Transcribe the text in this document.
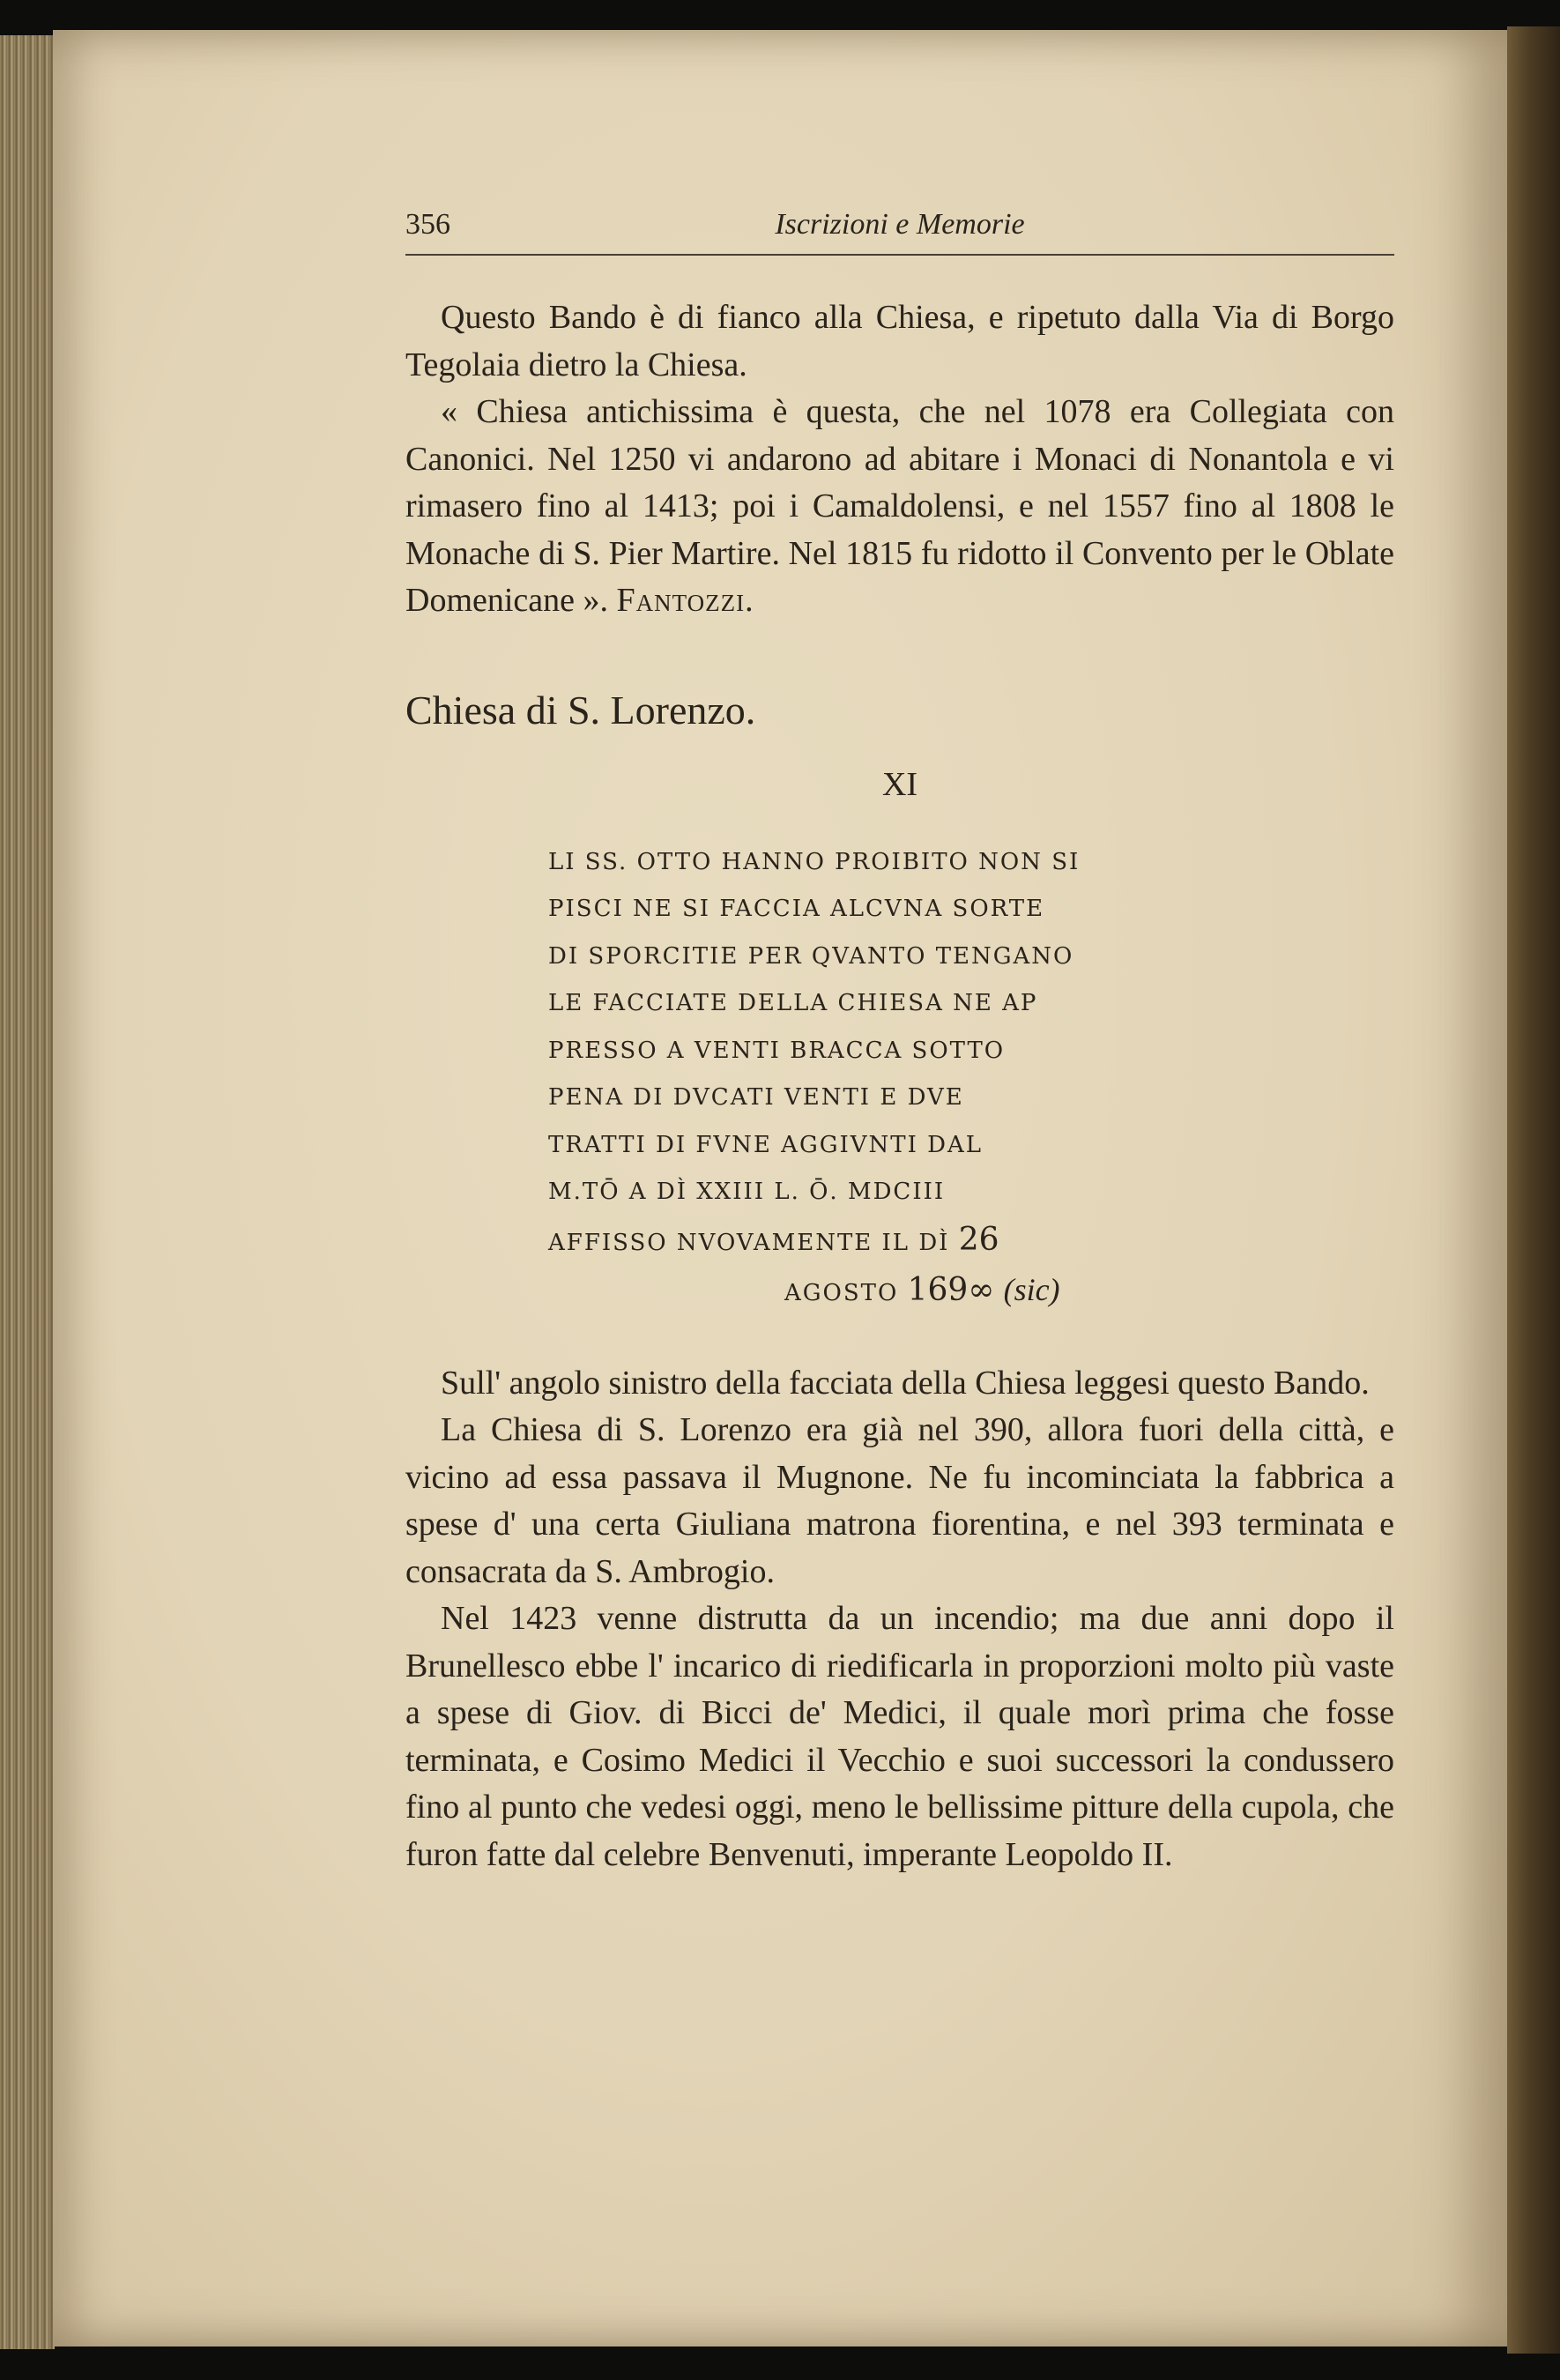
356	Iscrizioni e Memorie

Questo Bando è di fianco alla Chiesa, e ripetuto dalla Via di Borgo Tegolaia dietro la Chiesa.

« Chiesa antichissima è questa, che nel 1078 era Collegiata con Canonici. Nel 1250 vi andarono ad abitare i Monaci di Nonantola e vi rimasero fino al 1413; poi i Camaldolensi, e nel 1557 fino al 1808 le Monache di S. Pier Martire. Nel 1815 fu ridotto il Convento per le Oblate Domenicane ». Fantozzi.

Chiesa di S. Lorenzo.
XI
LI SS. OTTO HANNO PROIBITO NON SI
PISCI NE SI FACCIA ALCVNA SORTE
DI SPORCITIE PER QVANTO TENGANO
LE FACCIATE DELLA CHIESA NE AP
PRESSO A VENTI BRACCA SOTTO
PENA DI DVCATI VENTI E DVE
TRATTI DI FVNE AGGIVNTI DAL
M.TŌ A DÌ XXIII L. Ō. MDCIII
AFFISSO NVOVAMENTE IL DÌ 26
AGOSTO 169∞ (sic)

Sull' angolo sinistro della facciata della Chiesa leggesi questo Bando.

La Chiesa di S. Lorenzo era già nel 390, allora fuori della città, e vicino ad essa passava il Mugnone. Ne fu incominciata la fabbrica a spese d' una certa Giuliana matrona fiorentina, e nel 393 terminata e consacrata da S. Ambrogio.

Nel 1423 venne distrutta da un incendio; ma due anni dopo il Brunellesco ebbe l' incarico di riedificarla in proporzioni molto più vaste a spese di Giov. di Bicci de' Medici, il quale morì prima che fosse terminata, e Cosimo Medici il Vecchio e suoi successori la condussero fino al punto che vedesi oggi, meno le bellissime pitture della cupola, che furon fatte dal celebre Benvenuti, imperante Leopoldo II.
